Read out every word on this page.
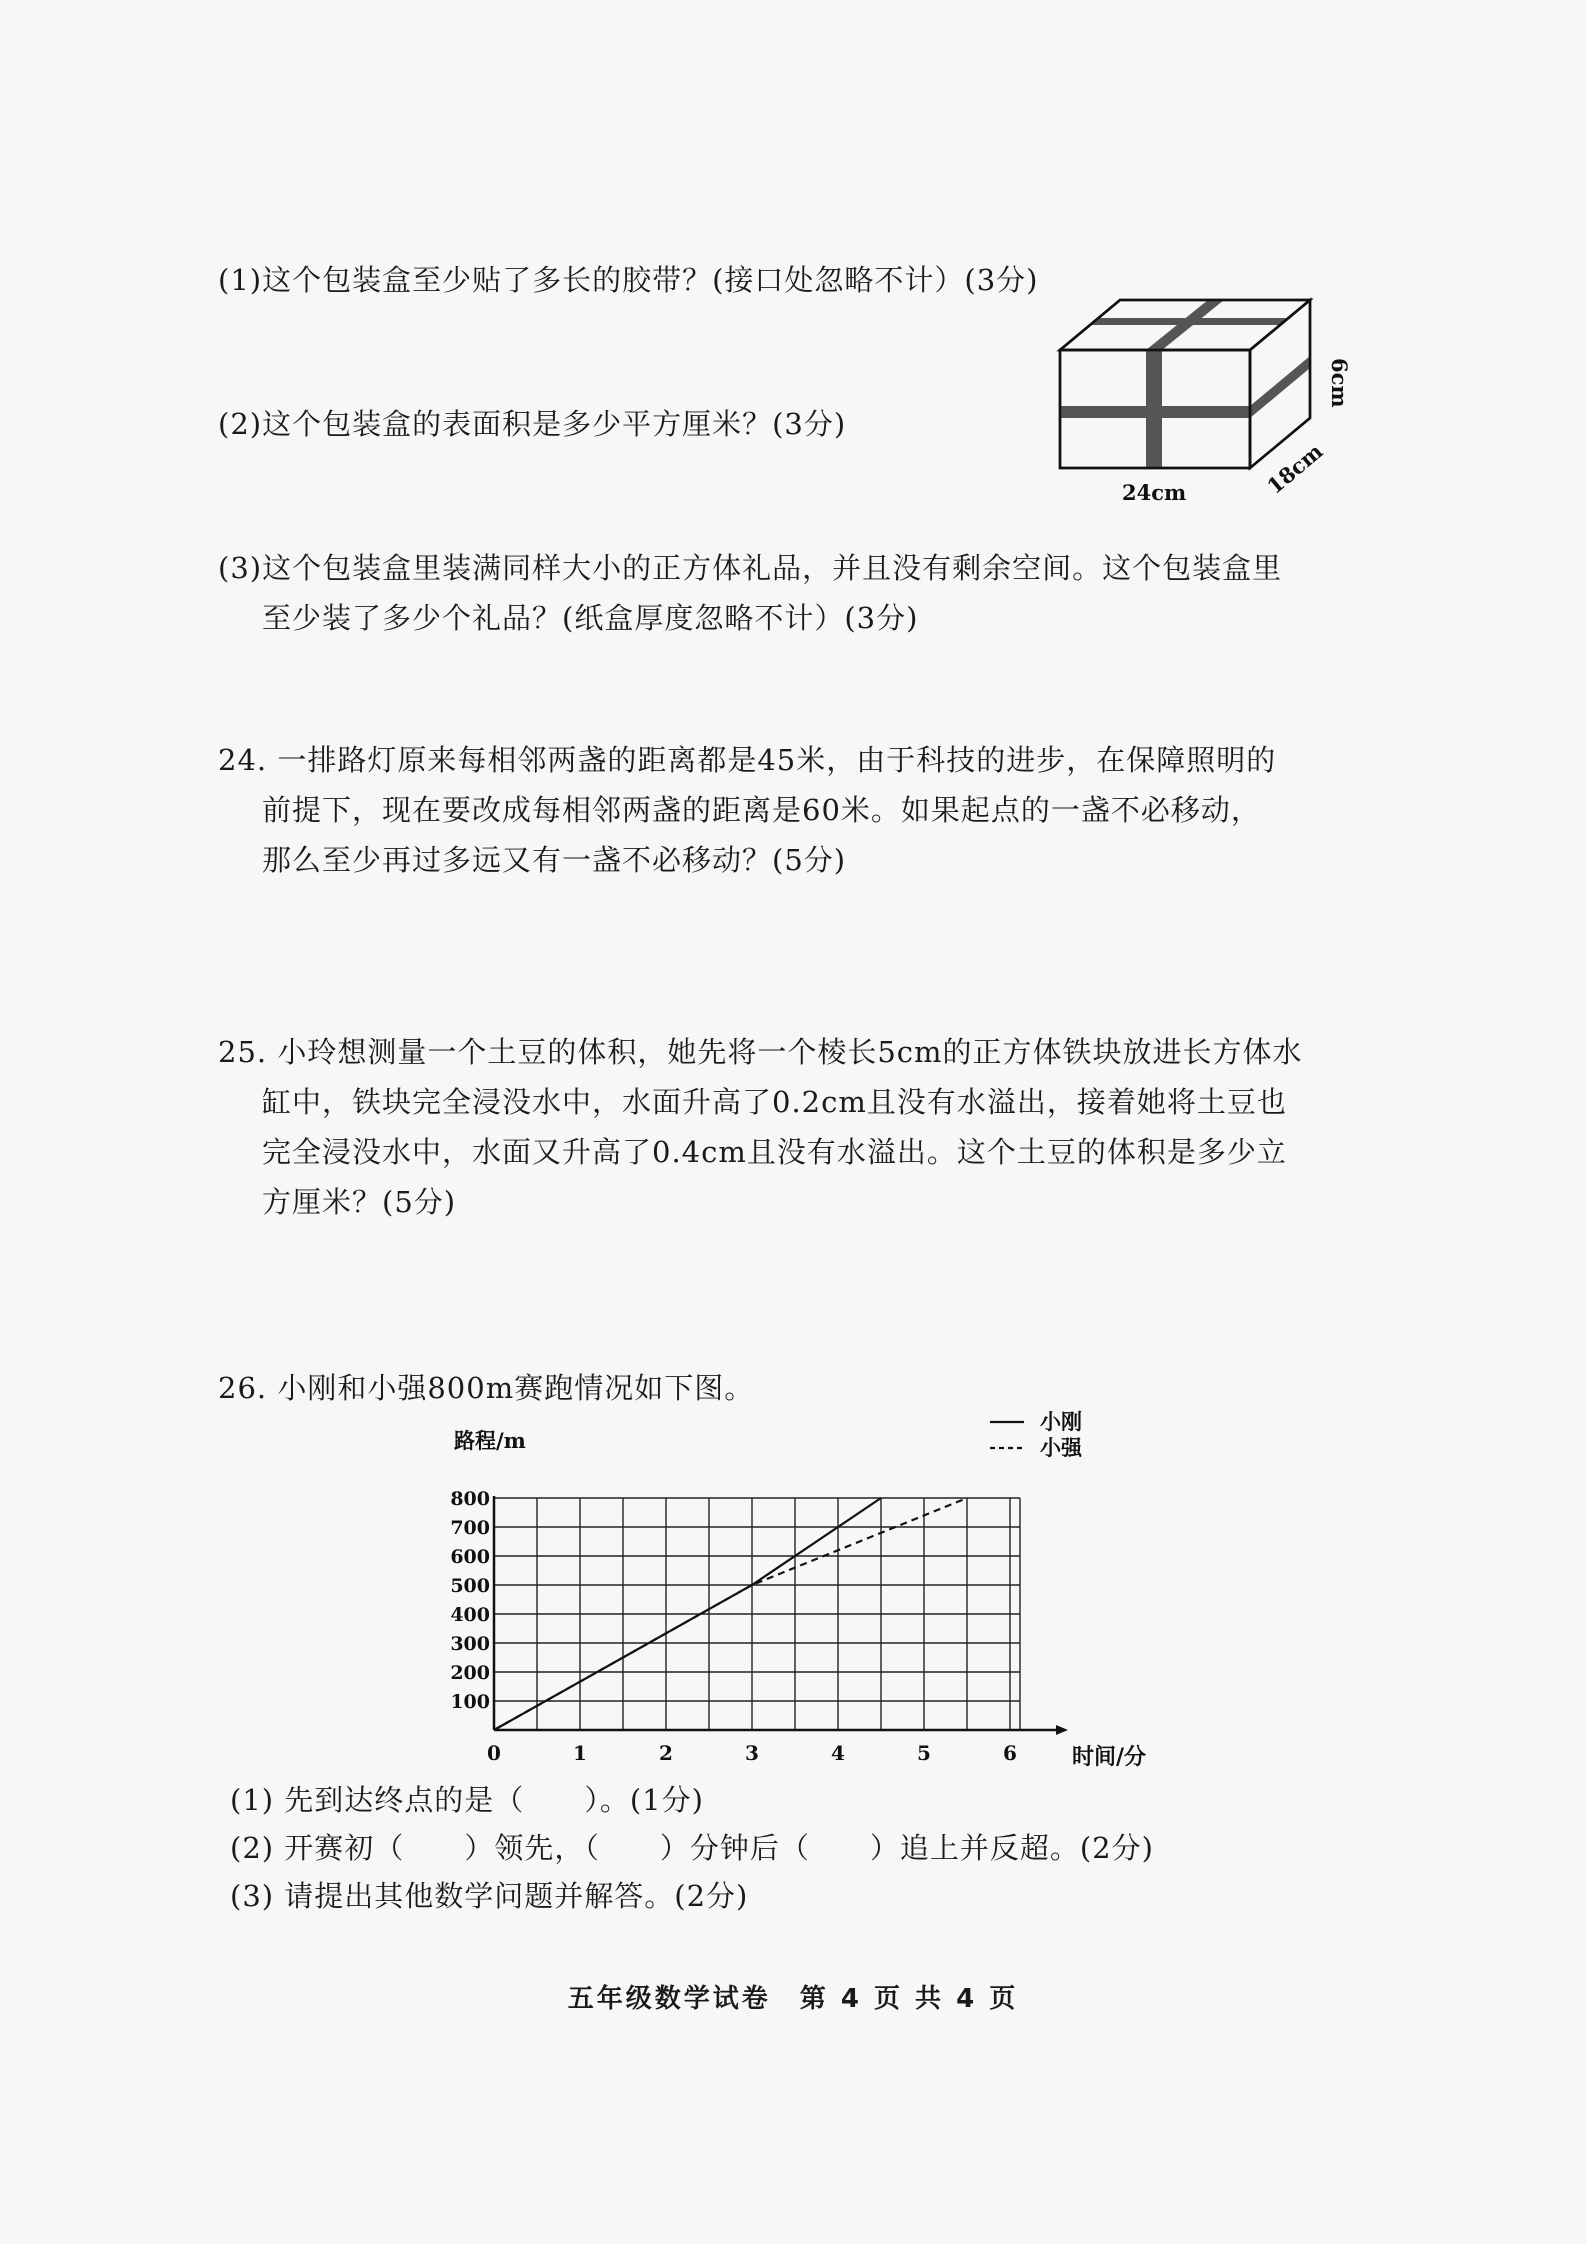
(1)这个包装盒至少贴了多长的胶带？(接口处忽略不计）(3分)
(2)这个包装盒的表面积是多少平方厘米？(3分)
6cm
18cm
24cm
(3)这个包装盒里装满同样大小的正方体礼品，并且没有剩余空间。这个包装盒里
至少装了多少个礼品？(纸盒厚度忽略不计）(3分)
24. 一排路灯原来每相邻两盏的距离都是45米，由于科技的进步，在保障照明的
前提下，现在要改成每相邻两盏的距离是60米。如果起点的一盏不必移动，
那么至少再过多远又有一盏不必移动？(5分)
25. 小玲想测量一个土豆的体积，她先将一个棱长5cm的正方体铁块放进长方体水
缸中，铁块完全浸没水中，水面升高了0.2cm且没有水溢出，接着她将土豆也
完全浸没水中，水面又升高了0.4cm且没有水溢出。这个土豆的体积是多少立
方厘米？(5分)
26. 小刚和小强800m赛跑情况如下图。
0	1	2	3	4	5	6
100
200
300
400
500
600
700
800
路程/m
时间/分
小刚
小强
(1) 先到达终点的是（ ）。(1分)
(2) 开赛初（ ）领先，（ ）分钟后（ ）追上并反超。(2分)
(3) 请提出其他数学问题并解答。(2分)
五年级数学试卷　第 4 页 共 4 页
